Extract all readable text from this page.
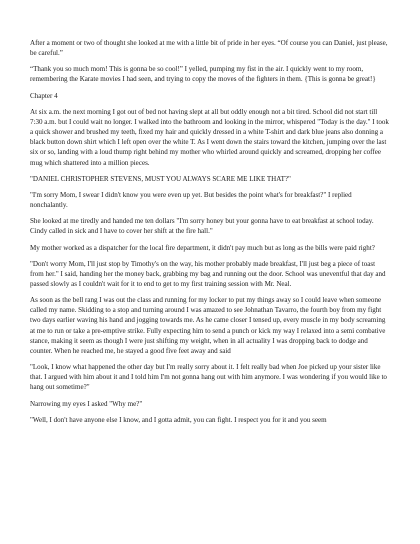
After a moment or two of thought she looked at me with a little bit of pride in her eyes. “Of course you can Daniel, just please, be careful.”

“Thank you so much mom! This is gonna be so cool!” I yelled, pumping my fist in the air. I quickly went to my room, remembering the Karate movies I had seen, and trying to copy the moves of the fighters in them. {This is gonna be great!}

Chapter 4

At six a.m. the next morning I got out of bed not having slept at all but oddly enough not a bit tired. School did not start till 7:30 a.m. but I could wait no longer. I walked into the bathroom and looking in the mirror, whispered "Today is the day." I took a quick shower and brushed my teeth, fixed my hair and quickly dressed in a white T-shirt and dark blue jeans also donning a black button down shirt which I left open over the white T. As I went down the stairs toward the kitchen, jumping over the last six or so, landing with a loud thump right behind my mother who whirled around quickly and screamed, dropping her coffee mug which shattered into a million pieces.

"DANIEL CHRISTOPHER STEVENS, MUST YOU ALWAYS SCARE ME LIKE THAT?"

"I'm sorry Mom, I swear I didn't know you were even up yet. But besides the point what's for breakfast?" I replied nonchalantly.

She looked at me tiredly and handed me ten dollars "I'm sorry honey but your gonna have to eat breakfast at school today. Cindy called in sick and I have to cover her shift at the fire hall."

My mother worked as a dispatcher for the local fire department, it didn't pay much but as long as the bills were paid right?

"Don't worry Mom, I'll just stop by Timothy's on the way, his mother probably made breakfast, I'll just beg a piece of toast from her." I said, handing her the money back, grabbing my bag and running out the door. School was uneventful that day and passed slowly as I couldn't wait for it to end to get to my first training session with Mr. Neal.

As soon as the bell rang I was out the class and running for my locker to put my things away so I could leave when someone called my name. Skidding to a stop and turning around I was amazed to see Johnathan Tavarro, the fourth boy from my fight two days earlier waving his hand and jogging towards me. As he came closer I tensed up, every muscle in my body screaming at me to run or take a pre-emptive strike. Fully expecting him to send a punch or kick my way I relaxed into a semi combative stance, making it seem as though I were just shifting my weight, when in all actuality I was dropping back to dodge and counter. When he reached me, he stayed a good five feet away and said

"Look, I know what happened the other day but I'm really sorry about it. I felt really bad when Joe picked up your sister like that. I argued with him about it and I told him I'm not gonna hang out with him anymore. I was wondering if you would like to hang out sometime?"

Narrowing my eyes I asked "Why me?"

"Well, I don't have anyone else I know, and I gotta admit, you can fight. I respect you for it and you seem
